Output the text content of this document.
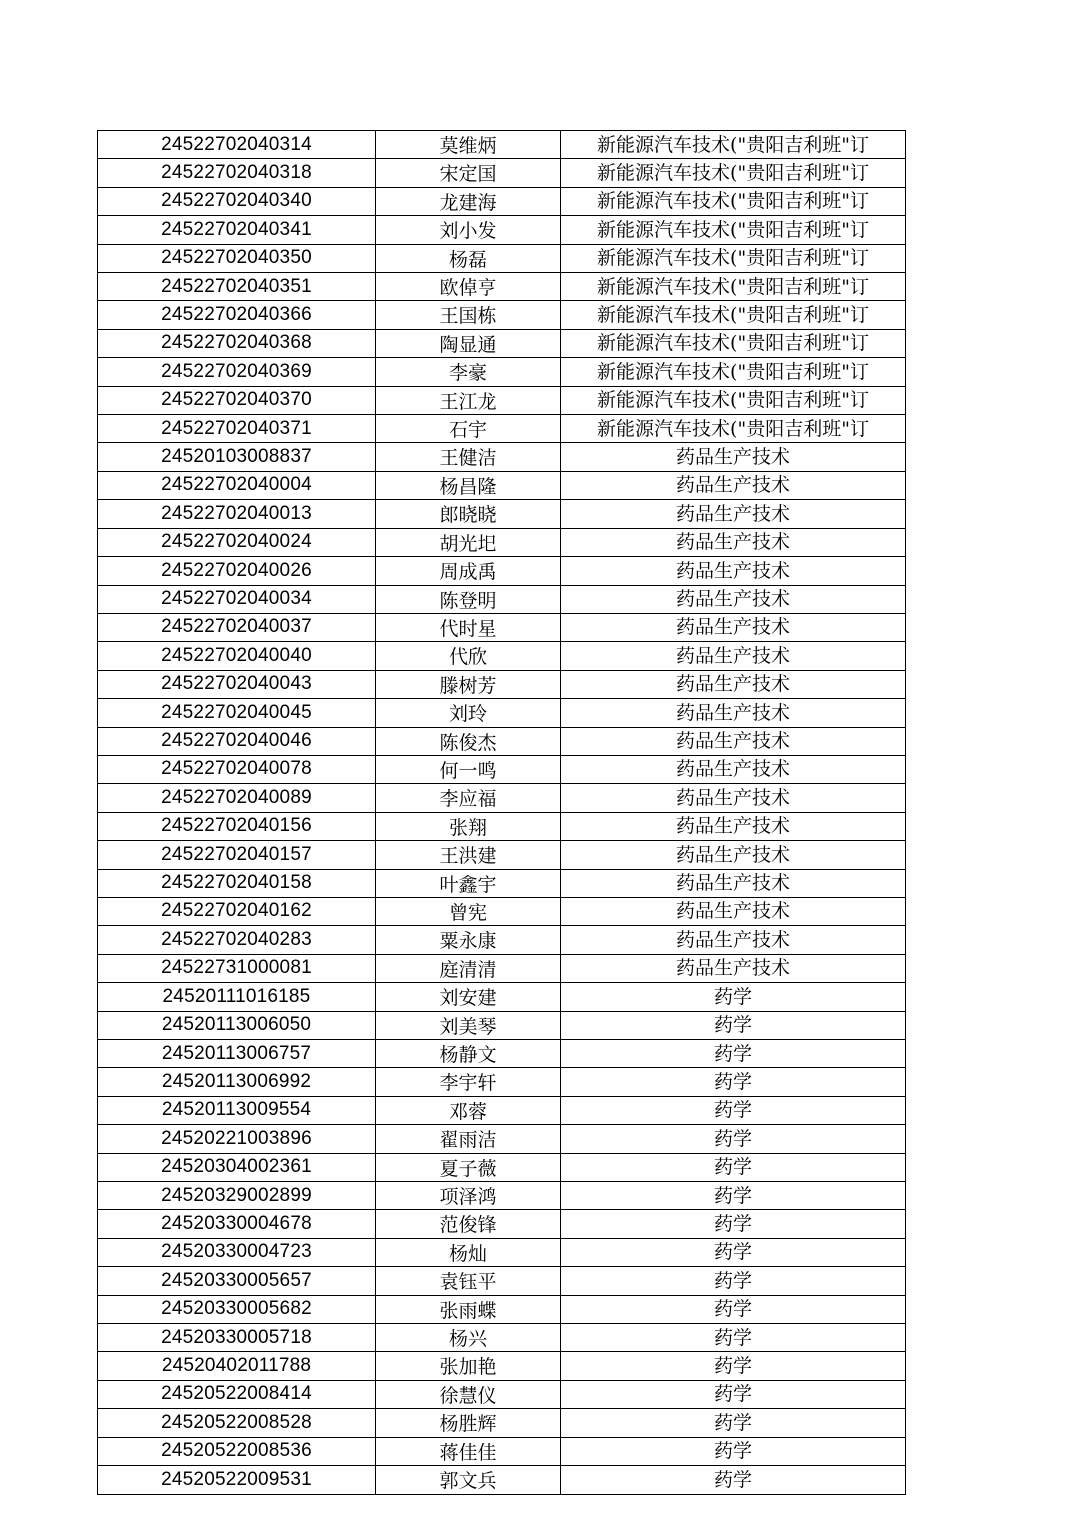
24522702040314	莫维炳	新能源汽车技术("贵阳吉利班"订
24522702040318	宋定国	新能源汽车技术("贵阳吉利班"订
24522702040340	龙建海	新能源汽车技术("贵阳吉利班"订
24522702040341	刘小发	新能源汽车技术("贵阳吉利班"订
24522702040350	杨磊	新能源汽车技术("贵阳吉利班"订
24522702040351	欧倬亨	新能源汽车技术("贵阳吉利班"订
24522702040366	王国栋	新能源汽车技术("贵阳吉利班"订
24522702040368	陶显通	新能源汽车技术("贵阳吉利班"订
24522702040369	李豪	新能源汽车技术("贵阳吉利班"订
24522702040370	王江龙	新能源汽车技术("贵阳吉利班"订
24522702040371	石宇	新能源汽车技术("贵阳吉利班"订
24520103008837	王健洁	药品生产技术
24522702040004	杨昌隆	药品生产技术
24522702040013	郎晓晓	药品生产技术
24522702040024	胡光圯	药品生产技术
24522702040026	周成禹	药品生产技术
24522702040034	陈登明	药品生产技术
24522702040037	代时星	药品生产技术
24522702040040	代欣	药品生产技术
24522702040043	滕树芳	药品生产技术
24522702040045	刘玲	药品生产技术
24522702040046	陈俊杰	药品生产技术
24522702040078	何一鸣	药品生产技术
24522702040089	李应福	药品生产技术
24522702040156	张翔	药品生产技术
24522702040157	王洪建	药品生产技术
24522702040158	叶鑫宇	药品生产技术
24522702040162	曾宪	药品生产技术
24522702040283	粟永康	药品生产技术
24522731000081	庭清清	药品生产技术
24520111016185	刘安建	药学
24520113006050	刘美琴	药学
24520113006757	杨静文	药学
24520113006992	李宇轩	药学
24520113009554	邓蓉	药学
24520221003896	翟雨洁	药学
24520304002361	夏子薇	药学
24520329002899	项泽鸿	药学
24520330004678	范俊锋	药学
24520330004723	杨灿	药学
24520330005657	袁钰平	药学
24520330005682	张雨蝶	药学
24520330005718	杨兴	药学
24520402011788	张加艳	药学
24520522008414	徐慧仪	药学
24520522008528	杨胜辉	药学
24520522008536	蒋佳佳	药学
24520522009531	郭文兵	药学
